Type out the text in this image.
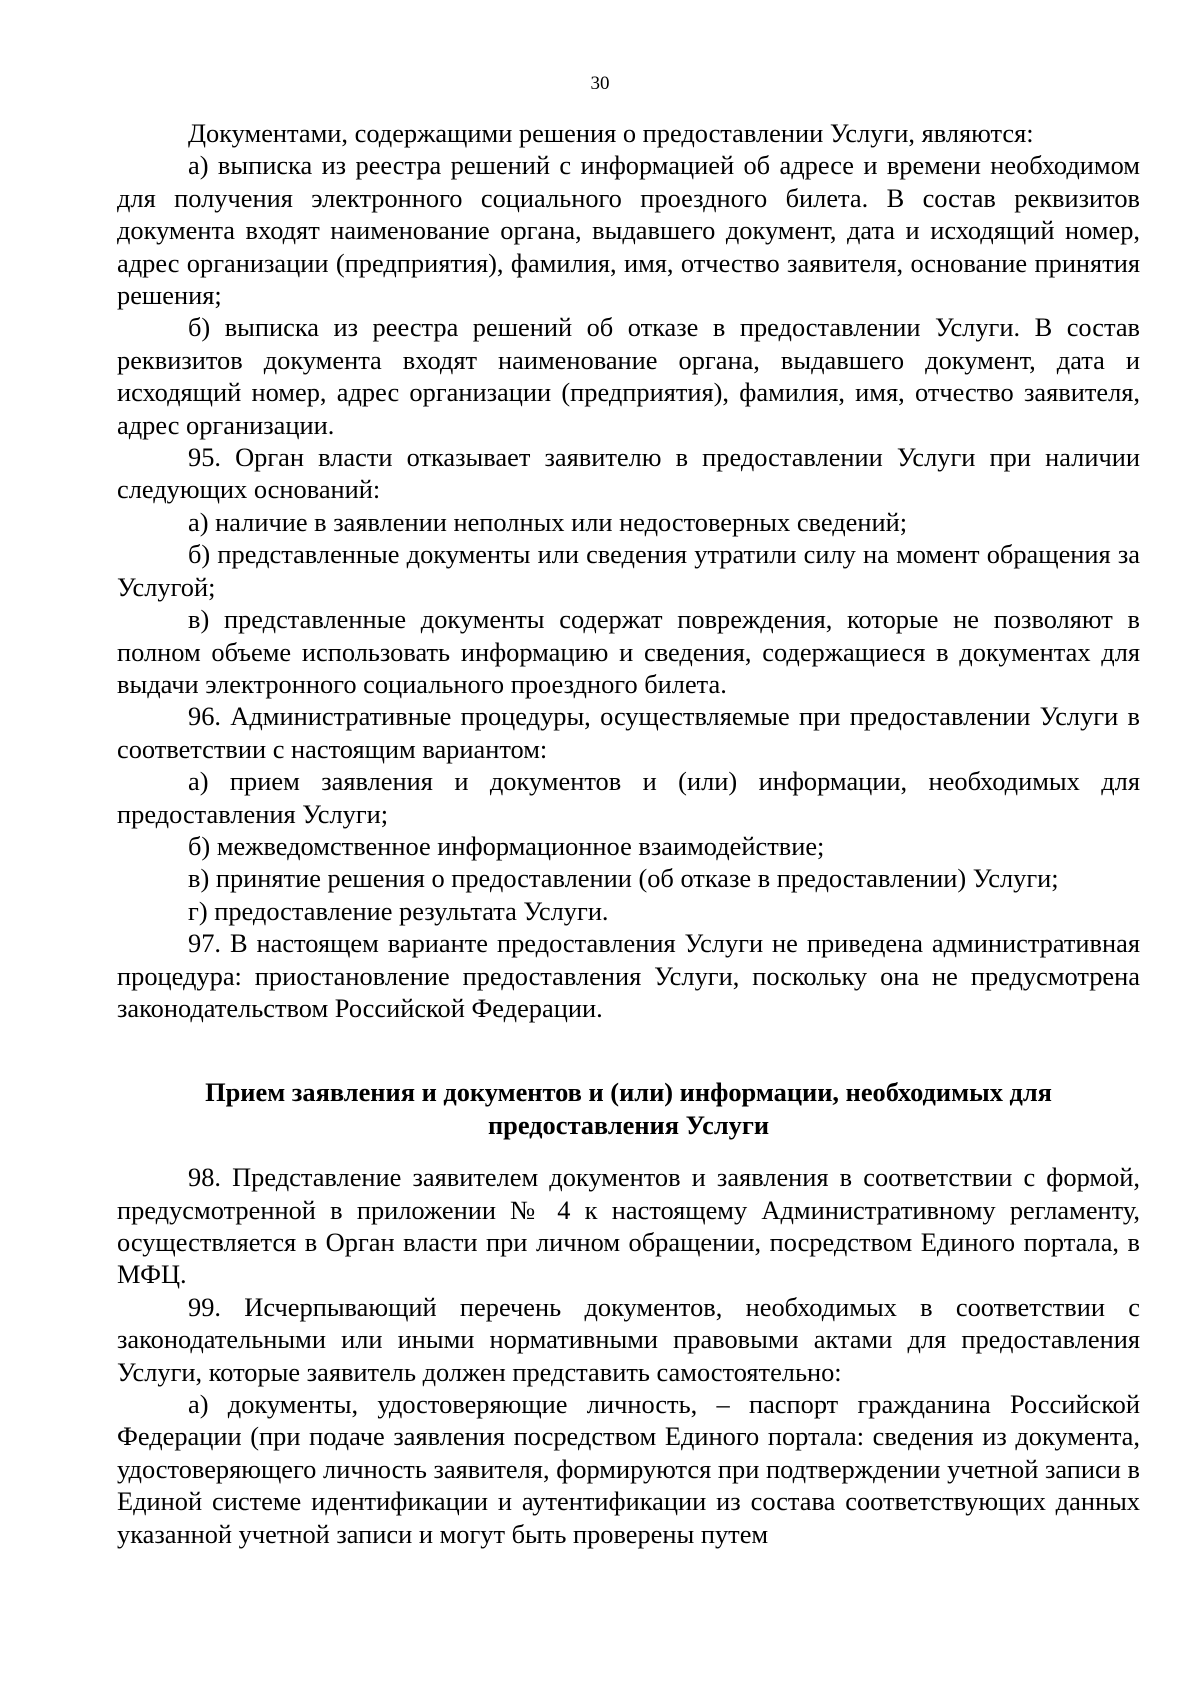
30

Документами, содержащими решения о предоставлении Услуги, являются:

а) выписка из реестра решений с информацией об адресе и времени необходимом для получения электронного социального проездного билета. В состав реквизитов документа входят наименование органа, выдавшего документ, дата и исходящий номер, адрес организации (предприятия), фамилия, имя, отчество заявителя, основание принятия решения;

б) выписка из реестра решений об отказе в предоставлении Услуги. В состав реквизитов документа входят наименование органа, выдавшего документ, дата и исходящий номер, адрес организации (предприятия), фамилия, имя, отчество заявителя, адрес организации.

95. Орган власти отказывает заявителю в предоставлении Услуги при наличии следующих оснований:

а) наличие в заявлении неполных или недостоверных сведений;

б) представленные документы или сведения утратили силу на момент обращения за Услугой;

в) представленные документы содержат повреждения, которые не позволяют в полном объеме использовать информацию и сведения, содержащиеся в документах для выдачи электронного социального проездного билета.

96. Административные процедуры, осуществляемые при предоставлении Услуги в соответствии с настоящим вариантом:

а) прием заявления и документов и (или) информации, необходимых для предоставления Услуги;

б) межведомственное информационное взаимодействие;

в) принятие решения о предоставлении (об отказе в предоставлении) Услуги;

г) предоставление результата Услуги.

97. В настоящем варианте предоставления Услуги не приведена административная процедура: приостановление предоставления Услуги, поскольку она не предусмотрена законодательством Российской Федерации.

Прием заявления и документов и (или) информации, необходимых для предоставления Услуги

98. Представление заявителем документов и заявления в соответствии с формой, предусмотренной в приложении № 4 к настоящему Административному регламенту, осуществляется в Орган власти при личном обращении, посредством Единого портала, в МФЦ.

99. Исчерпывающий перечень документов, необходимых в соответствии с законодательными или иными нормативными правовыми актами для предоставления Услуги, которые заявитель должен представить самостоятельно:

а) документы, удостоверяющие личность, – паспорт гражданина Российской Федерации (при подаче заявления посредством Единого портала: сведения из документа, удостоверяющего личность заявителя, формируются при подтверждении учетной записи в Единой системе идентификации и аутентификации из состава соответствующих данных указанной учетной записи и могут быть проверены путем
